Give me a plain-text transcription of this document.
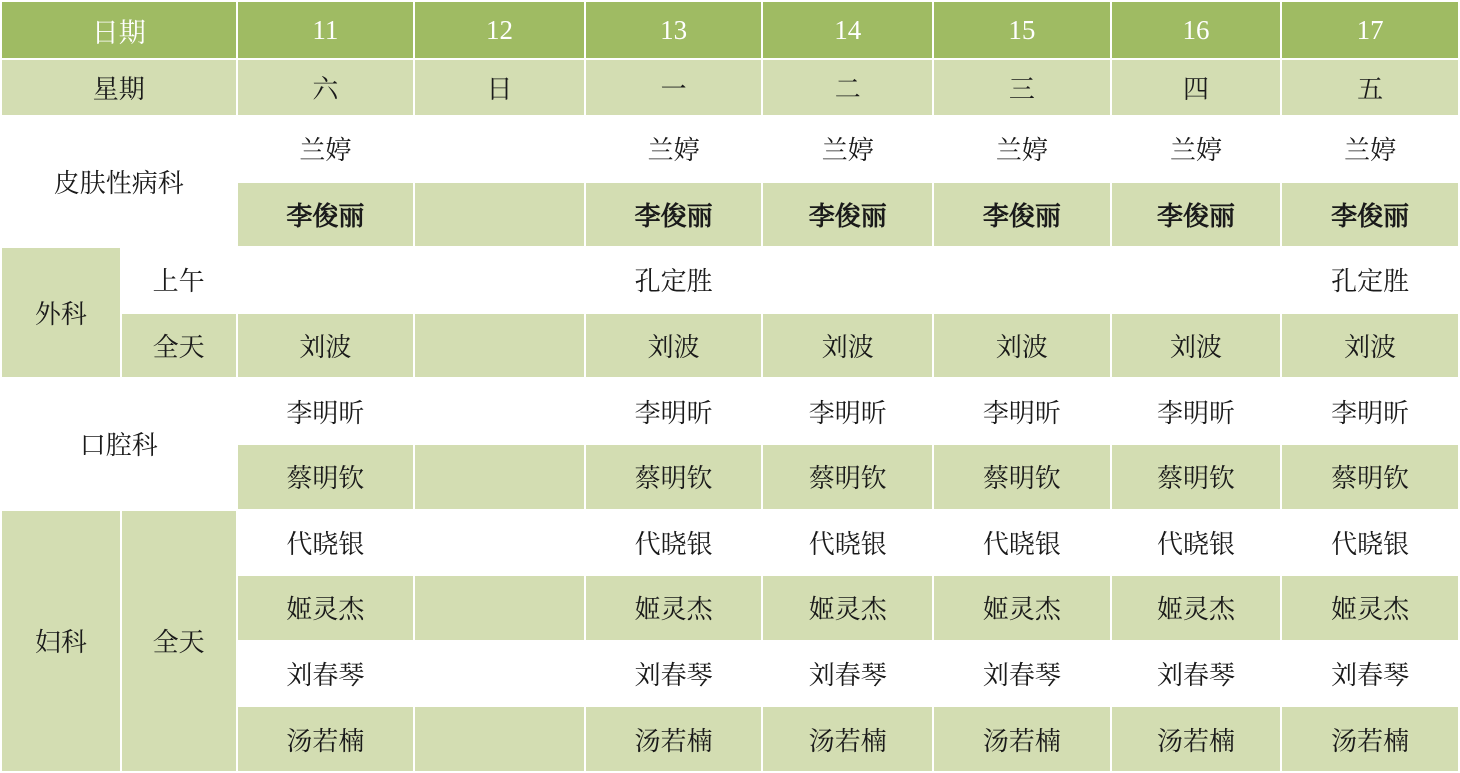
日期		11	12	13	14	15	16	17
星期		六	日	一	二	三	四	五
皮肤性病科		兰婷		兰婷	兰婷	兰婷	兰婷	兰婷
		李俊丽		李俊丽	李俊丽	李俊丽	李俊丽	李俊丽
外科	上午			孔定胜				孔定胜
	全天	刘波		刘波	刘波	刘波	刘波	刘波
口腔科		李明昕		李明昕	李明昕	李明昕	李明昕	李明昕
		蔡明钦		蔡明钦	蔡明钦	蔡明钦	蔡明钦	蔡明钦
妇科	全天	代晓银		代晓银	代晓银	代晓银	代晓银	代晓银
		姬灵杰		姬灵杰	姬灵杰	姬灵杰	姬灵杰	姬灵杰
		刘春琴		刘春琴	刘春琴	刘春琴	刘春琴	刘春琴
		汤若楠		汤若楠	汤若楠	汤若楠	汤若楠	汤若楠
